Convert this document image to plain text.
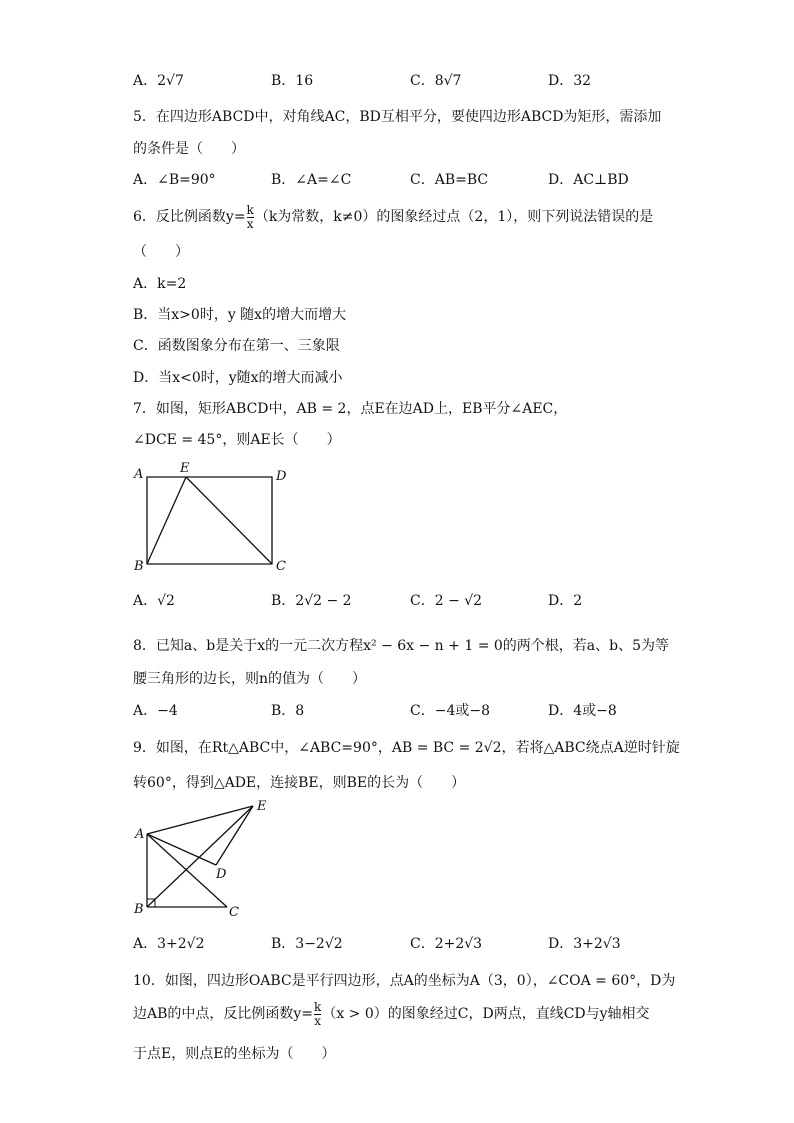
A．2√7	B．16	C．8√7	D．32
5．在四边形ABCD中，对角线AC，BD互相平分，要使四边形ABCD为矩形，需添加
的条件是（　　）
A．∠B=90°	B．∠A=∠C	C．AB=BC	D．AC⊥BD
6．反比例函数$y= \frac{k}{x} (k$为常数，k≠0）的图象经过点（2，1），则下列说法错误的是
（　　）
A．k=2
B．当x>0时，y 随x的增大而增大
C．函数图象分布在第一、三象限
D．当x<0时，y随x的增大而减小
7．如图，矩形ABCD中，AB = 2，点E在边AD上，EB平分∠AEC，
∠DCE = 45°，则AE长（　　）
A	E
D
B	C
A．√2	B．2√2 − 2	C．2 − √2	D．2
8．已知a、b是关于x的一元二次方程x² − 6x − n + 1 = 0的两个根，若a、b、5为等
腰三角形的边长，则n的值为（　　）
A．−4	B．8	C．−4或−8	D．4或−8
9．如图，在Rt△ABC中，∠ABC=90°，AB = BC = 2√2，若将△ABC绕点A逆时针旋
转60°，得到△ADE，连接BE，则BE的长为（　　）
A
E
D
B	C
A．3+2√2	B．3−2√2	C．2+2√3	D．3+2√3
10．如图，四边形OABC是平行四边形，点A的坐标为A（3，0），∠COA = 60°，D为
边AB的中点，反比例函数$y= \frac{k}{x} (x > 0)$的图象经过C，D两点，直线CD与y轴相交
于点E，则点E的坐标为（　　）
